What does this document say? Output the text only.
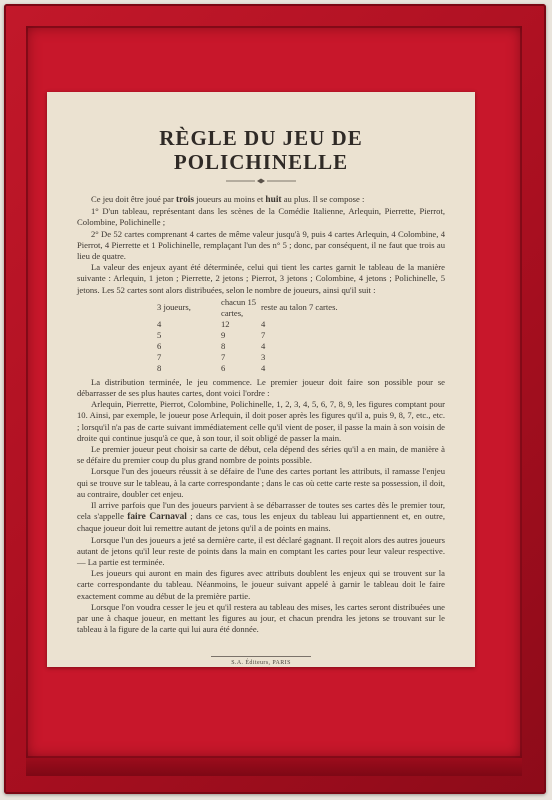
RÈGLE DU JEU DE POLICHINELLE

Ce jeu doit être joué par trois joueurs au moins et huit au plus. Il se compose :

1° D'un tableau, représentant dans les scènes de la Comédie Italienne, Arlequin, Pierrette, Pierrot, Colombine, Polichinelle ;

2° De 52 cartes comprenant 4 cartes de même valeur jusqu'à 9, puis 4 cartes Arlequin, 4 Colombine, 4 Pierrot, 4 Pierrette et 1 Polichinelle, remplaçant l'un des n° 5 ; donc, par conséquent, il ne faut que trois au lieu de quatre.

La valeur des enjeux ayant été déterminée, celui qui tient les cartes garnit le tableau de la manière suivante : Arlequin, 1 jeton ; Pierrette, 2 jetons ; Pierrot, 3 jetons ; Colombine, 4 jetons ; Polichinelle, 5 jetons. Les 52 cartes sont alors distribuées, selon le nombre de joueurs, ainsi qu'il suit :

3 joueurs,	chacun 15 cartes,	reste au talon 7 cartes.
4	12	4
5	9	7
6	8	4
7	7	3
8	6	4

La distribution terminée, le jeu commence. Le premier joueur doit faire son possible pour se débarrasser de ses plus hautes cartes, dont voici l'ordre :

Arlequin, Pierrette, Pierrot, Colombine, Polichinelle, 1, 2, 3, 4, 5, 6, 7, 8, 9, les figures comptant pour 10. Ainsi, par exemple, le joueur pose Arlequin, il doit poser après les figures qu'il a, puis 9, 8, 7, etc., etc. ; lorsqu'il n'a pas de carte suivant immédiatement celle qu'il vient de poser, il passe la main à son voisin de droite qui continue jusqu'à ce que, à son tour, il soit obligé de passer la main.

Le premier joueur peut choisir sa carte de début, cela dépend des séries qu'il a en main, de manière à se défaire du premier coup du plus grand nombre de points possible.

Lorsque l'un des joueurs réussit à se défaire de l'une des cartes portant les attributs, il ramasse l'enjeu qui se trouve sur le tableau, à la carte correspondante ; dans le cas où cette carte reste sa possession, il doit, au contraire, doubler cet enjeu.

Il arrive parfois que l'un des joueurs parvient à se débarrasser de toutes ses cartes dès le premier tour, cela s'appelle faire Carnaval ; dans ce cas, tous les enjeux du tableau lui appartiennent et, en outre, chaque joueur doit lui remettre autant de jetons qu'il a de points en mains.

Lorsque l'un des joueurs a jeté sa dernière carte, il est déclaré gagnant. Il reçoit alors des autres joueurs autant de jetons qu'il leur reste de points dans la main en comptant les cartes pour leur valeur respective. — La partie est terminée.

Les joueurs qui auront en main des figures avec attributs doublent les enjeux qui se trouvent sur la carte correspondante du tableau. Néanmoins, le joueur suivant appelé à garnir le tableau doit le faire exactement comme au début de la première partie.

Lorsque l'on voudra cesser le jeu et qu'il restera au tableau des mises, les cartes seront distribuées une par une à chaque joueur, en mettant les figures au jour, et chacun prendra les jetons se trouvant sur le tableau à la figure de la carte qui lui aura été donnée.

S.A. Éditeurs, PARIS
